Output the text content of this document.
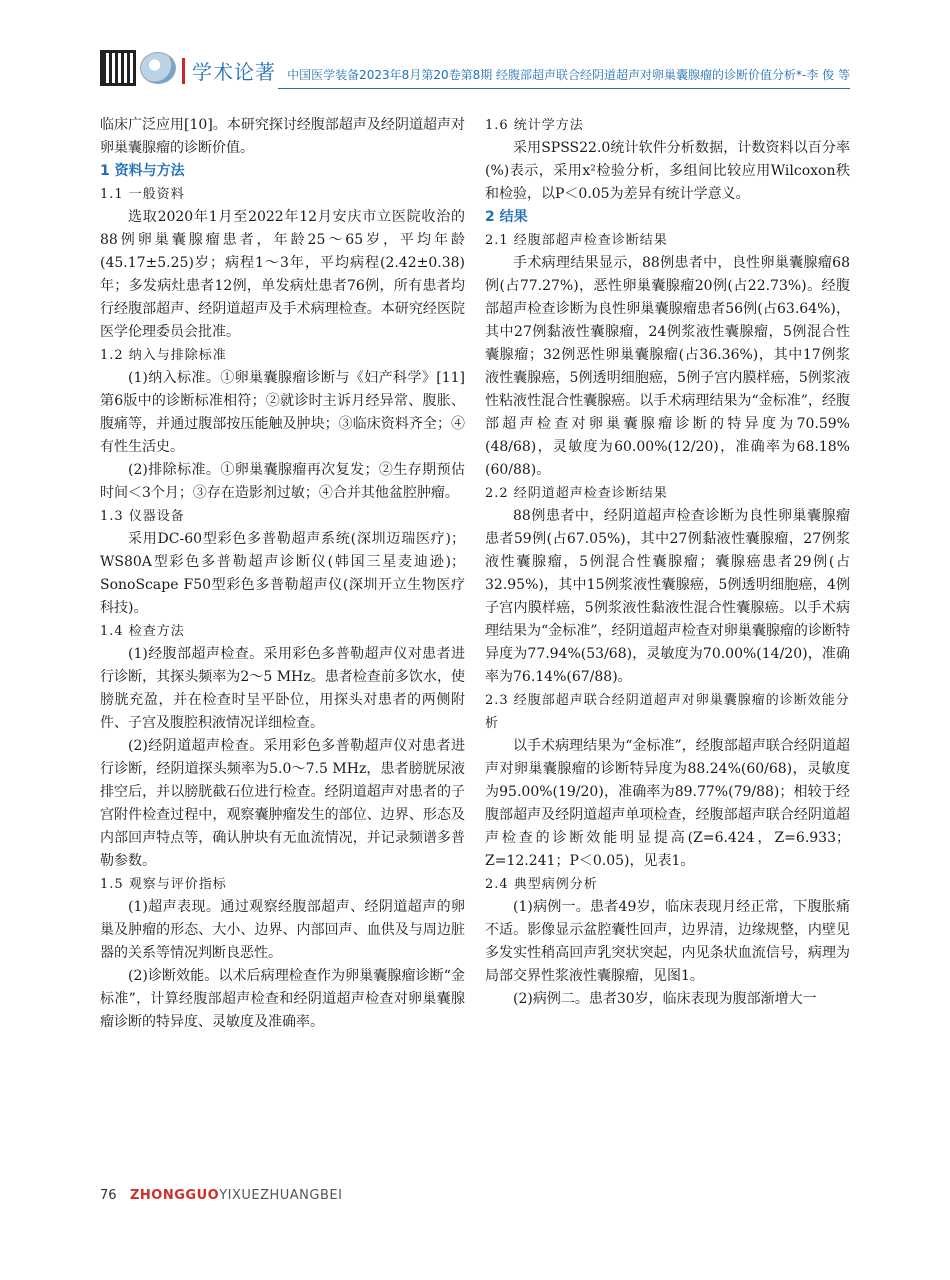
学术论著 中国医学装备2023年8月第20卷第8期 经腹部超声联合经阴道超声对卵巢囊腺瘤的诊断价值分析*-李 俊 等

临床广泛应用[10]。本研究探讨经腹部超声及经阴道超声对卵巢囊腺瘤的诊断价值。

1 资料与方法
1.1 一般资料

选取2020年1月至2022年12月安庆市立医院收治的88例卵巢囊腺瘤患者，年龄25～65岁，平均年龄(45.17±5.25)岁；病程1～3年，平均病程(2.42±0.38)年；多发病灶患者12例，单发病灶患者76例，所有患者均行经腹部超声、经阴道超声及手术病理检查。本研究经医院医学伦理委员会批准。

1.2 纳入与排除标准

(1)纳入标准。①卵巢囊腺瘤诊断与《妇产科学》[11]第6版中的诊断标准相符；②就诊时主诉月经异常、腹胀、腹痛等，并通过腹部按压能触及肿块；③临床资料齐全；④有性生活史。

(2)排除标准。①卵巢囊腺瘤再次复发；②生存期预估时间＜3个月；③存在造影剂过敏；④合并其他盆腔肿瘤。

1.3 仪器设备

采用DC-60型彩色多普勒超声系统(深圳迈瑞医疗)；WS80A型彩色多普勒超声诊断仪(韩国三星麦迪逊)；SonoScape F50型彩色多普勒超声仪(深圳开立生物医疗科技)。

1.4 检查方法

(1)经腹部超声检查。采用彩色多普勒超声仪对患者进行诊断，其探头频率为2～5 MHz。患者检查前多饮水，使膀胱充盈，并在检查时呈平卧位，用探头对患者的两侧附件、子宫及腹腔积液情况详细检查。

(2)经阴道超声检查。采用彩色多普勒超声仪对患者进行诊断，经阴道探头频率为5.0～7.5 MHz，患者膀胱尿液排空后，并以膀胱截石位进行检查。经阴道超声对患者的子宫附件检查过程中，观察囊肿瘤发生的部位、边界、形态及内部回声特点等，确认肿块有无血流情况，并记录频谱多普勒参数。

1.5 观察与评价指标

(1)超声表现。通过观察经腹部超声、经阴道超声的卵巢及肿瘤的形态、大小、边界、内部回声、血供及与周边脏器的关系等情况判断良恶性。

(2)诊断效能。以术后病理检查作为卵巢囊腺瘤诊断“金标准”，计算经腹部超声检查和经阴道超声检查对卵巢囊腺瘤诊断的特异度、灵敏度及准确率。

1.6 统计学方法

采用SPSS22.0统计软件分析数据，计数资料以百分率(%)表示，采用x²检验分析，多组间比较应用Wilcoxon秩和检验，以P＜0.05为差异有统计学意义。

2 结果
2.1 经腹部超声检查诊断结果

手术病理结果显示，88例患者中，良性卵巢囊腺瘤68例(占77.27%)，恶性卵巢囊腺瘤20例(占22.73%)。经腹部超声检查诊断为良性卵巢囊腺瘤患者56例(占63.64%)，其中27例黏液性囊腺瘤，24例浆液性囊腺瘤，5例混合性囊腺瘤；32例恶性卵巢囊腺瘤(占36.36%)，其中17例浆液性囊腺癌，5例透明细胞癌，5例子宫内膜样癌，5例浆液性粘液性混合性囊腺癌。以手术病理结果为“金标准”，经腹部超声检查对卵巢囊腺瘤诊断的特异度为70.59%(48/68)，灵敏度为60.00%(12/20)，准确率为68.18%(60/88)。

2.2 经阴道超声检查诊断结果

88例患者中，经阴道超声检查诊断为良性卵巢囊腺瘤患者59例(占67.05%)，其中27例黏液性囊腺瘤，27例浆液性囊腺瘤，5例混合性囊腺瘤；囊腺癌患者29例(占32.95%)，其中15例浆液性囊腺癌，5例透明细胞癌，4例子宫内膜样癌，5例浆液性黏液性混合性囊腺癌。以手术病理结果为“金标准”，经阴道超声检查对卵巢囊腺瘤的诊断特异度为77.94%(53/68)，灵敏度为70.00%(14/20)，准确率为76.14%(67/88)。

2.3 经腹部超声联合经阴道超声对卵巢囊腺瘤的诊断效能分析

以手术病理结果为“金标准”，经腹部超声联合经阴道超声对卵巢囊腺瘤的诊断特异度为88.24%(60/68)，灵敏度为95.00%(19/20)，准确率为89.77%(79/88)；相较于经腹部超声及经阴道超声单项检查，经腹部超声联合经阴道超声检查的诊断效能明显提高(Z=6.424，Z=6.933；Z=12.241；P＜0.05)，见表1。

2.4 典型病例分析

(1)病例一。患者49岁，临床表现月经正常，下腹胀痛不适。影像显示盆腔囊性回声，边界清，边缘规整，内壁见多发实性稍高回声乳突状突起，内见条状血流信号，病理为局部交界性浆液性囊腺瘤，见图1。

(2)病例二。患者30岁，临床表现为腹部渐增大一

76 ZHONGGUOYIXUEZHUANGBEI
